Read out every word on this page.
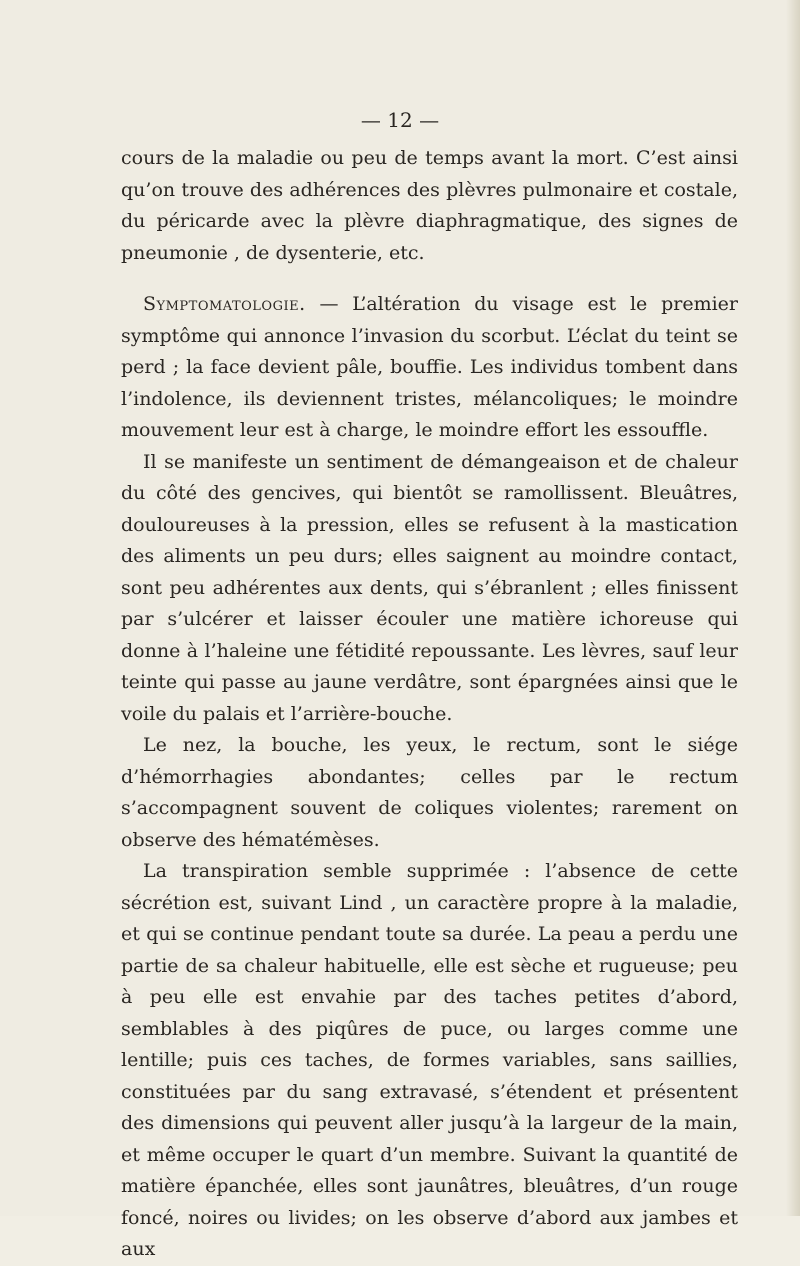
— 12 —

cours de la maladie ou peu de temps avant la mort. C’est ainsi qu’on trouve des adhérences des plèvres pulmonaire et costale, du péricarde avec la plèvre diaphragmatique, des signes de pneumonie , de dysenterie, etc.

Symptomatologie. — L’altération du visage est le premier symptôme qui annonce l’invasion du scorbut. L’éclat du teint se perd ; la face devient pâle, bouffie. Les individus tombent dans l’indolence, ils deviennent tristes, mélancoliques; le moindre mouvement leur est à charge, le moindre effort les essouffle.

Il se manifeste un sentiment de démangeaison et de chaleur du côté des gencives, qui bientôt se ramollissent. Bleuâtres, douloureuses à la pression, elles se refusent à la mastication des aliments un peu durs; elles saignent au moindre contact, sont peu adhérentes aux dents, qui s’ébranlent ; elles finissent par s’ulcérer et laisser écouler une matière ichoreuse qui donne à l’haleine une fétidité repoussante. Les lèvres, sauf leur teinte qui passe au jaune verdâtre, sont épargnées ainsi que le voile du palais et l’arrière-bouche.

Le nez, la bouche, les yeux, le rectum, sont le siége d’hémorrhagies abondantes; celles par le rectum s’accompagnent souvent de coliques violentes; rarement on observe des hématémèses.

La transpiration semble supprimée : l’absence de cette sécrétion est, suivant Lind , un caractère propre à la maladie, et qui se continue pendant toute sa durée. La peau a perdu une partie de sa chaleur habituelle, elle est sèche et rugueuse; peu à peu elle est envahie par des taches petites d’abord, semblables à des piqûres de puce, ou larges comme une lentille; puis ces taches, de formes variables, sans saillies, constituées par du sang extravasé, s’étendent et présentent des dimensions qui peuvent aller jusqu’à la largeur de la main, et même occuper le quart d’un membre. Suivant la quantité de matière épanchée, elles sont jaunâtres, bleuâtres, d’un rouge foncé, noires ou livides; on les observe d’abord aux jambes et aux
